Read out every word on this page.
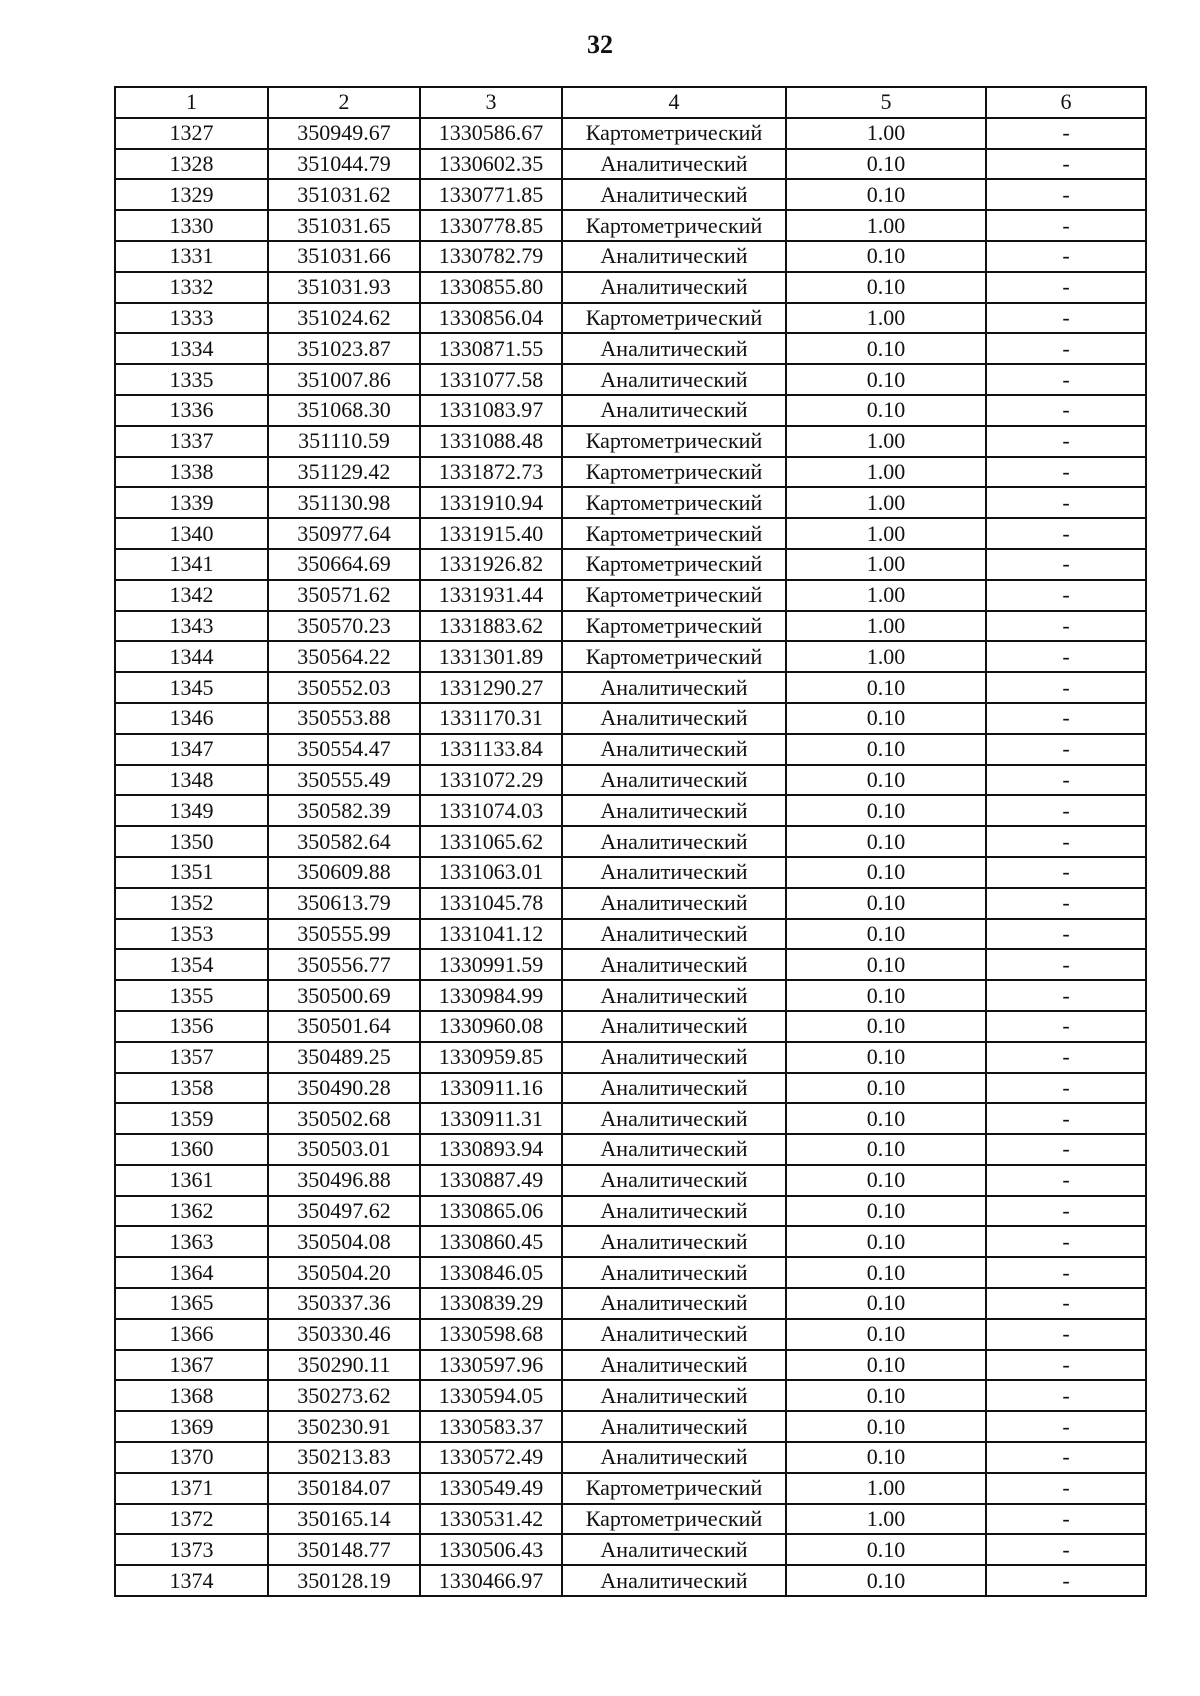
32
1	2	3	4	5	6
1327	350949.67	1330586.67	Картометрический	1.00	-
1328	351044.79	1330602.35	Аналитический	0.10	-
1329	351031.62	1330771.85	Аналитический	0.10	-
1330	351031.65	1330778.85	Картометрический	1.00	-
1331	351031.66	1330782.79	Аналитический	0.10	-
1332	351031.93	1330855.80	Аналитический	0.10	-
1333	351024.62	1330856.04	Картометрический	1.00	-
1334	351023.87	1330871.55	Аналитический	0.10	-
1335	351007.86	1331077.58	Аналитический	0.10	-
1336	351068.30	1331083.97	Аналитический	0.10	-
1337	351110.59	1331088.48	Картометрический	1.00	-
1338	351129.42	1331872.73	Картометрический	1.00	-
1339	351130.98	1331910.94	Картометрический	1.00	-
1340	350977.64	1331915.40	Картометрический	1.00	-
1341	350664.69	1331926.82	Картометрический	1.00	-
1342	350571.62	1331931.44	Картометрический	1.00	-
1343	350570.23	1331883.62	Картометрический	1.00	-
1344	350564.22	1331301.89	Картометрический	1.00	-
1345	350552.03	1331290.27	Аналитический	0.10	-
1346	350553.88	1331170.31	Аналитический	0.10	-
1347	350554.47	1331133.84	Аналитический	0.10	-
1348	350555.49	1331072.29	Аналитический	0.10	-
1349	350582.39	1331074.03	Аналитический	0.10	-
1350	350582.64	1331065.62	Аналитический	0.10	-
1351	350609.88	1331063.01	Аналитический	0.10	-
1352	350613.79	1331045.78	Аналитический	0.10	-
1353	350555.99	1331041.12	Аналитический	0.10	-
1354	350556.77	1330991.59	Аналитический	0.10	-
1355	350500.69	1330984.99	Аналитический	0.10	-
1356	350501.64	1330960.08	Аналитический	0.10	-
1357	350489.25	1330959.85	Аналитический	0.10	-
1358	350490.28	1330911.16	Аналитический	0.10	-
1359	350502.68	1330911.31	Аналитический	0.10	-
1360	350503.01	1330893.94	Аналитический	0.10	-
1361	350496.88	1330887.49	Аналитический	0.10	-
1362	350497.62	1330865.06	Аналитический	0.10	-
1363	350504.08	1330860.45	Аналитический	0.10	-
1364	350504.20	1330846.05	Аналитический	0.10	-
1365	350337.36	1330839.29	Аналитический	0.10	-
1366	350330.46	1330598.68	Аналитический	0.10	-
1367	350290.11	1330597.96	Аналитический	0.10	-
1368	350273.62	1330594.05	Аналитический	0.10	-
1369	350230.91	1330583.37	Аналитический	0.10	-
1370	350213.83	1330572.49	Аналитический	0.10	-
1371	350184.07	1330549.49	Картометрический	1.00	-
1372	350165.14	1330531.42	Картометрический	1.00	-
1373	350148.77	1330506.43	Аналитический	0.10	-
1374	350128.19	1330466.97	Аналитический	0.10	-
